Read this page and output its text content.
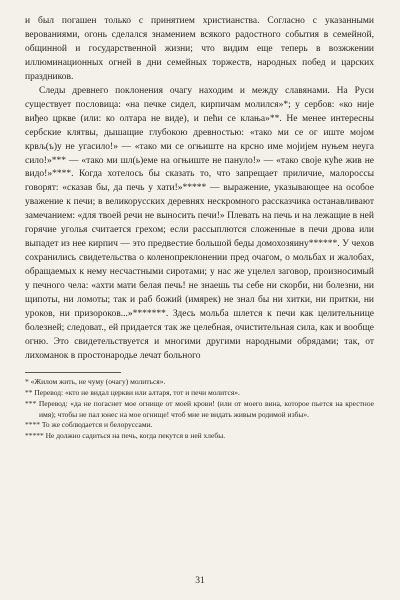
и был погашен только с принятием христианства. Согласно с указанными верованиями, огонь сделался знамением всякого радостного события в семейной, общинной и государственной жизни; что видим еще теперь в возжжении иллюминационных огней в дни семейных торжеств, народных побед и царских праздников.

Следы древнего поклонения очагу находим и между славянами. На Руси существует пословица: «на печке сидел, кирпичам молился»*; у сербов: «ко ниjе виђео цркве (или: ко олтара не виде), и пећи се клања»**. Не менее интересны сербские клятвы, дышащие глубокою древностью: «тако ми се ог иште мојом крвљ(ъ)у не угасило!» — «тако ми се огњиште на крсно име мојијем нуњем неуга сило!»*** — «тако ми шл(ь)еме на огњиште не панулo!» — «тако своје куће жив не видо!»****. Когда хотелось бы сказать то, что запрещает приличие, малороссы говорят: «сказав бы, да печь у хати!»***** — выражение, указывающее на особое уважение к печи; в великорусских деревнях нескромного рассказчика останавливают замечанием: «для твоей речи не выносить печи!» Плевать на печь и на лежащие в ней горячие уголья считается грехом; если рассыплются сложенные в печи дрова или выпадет из нее кирпич — это предвестие большой беды домохозяину******. У чехов сохранились свидетельства о коленопреклонении пред очагом, о мольбах и жалобах, обращаемых к нему несчастными сиротами; у нас же уцелел заговор, произносимый у печного чела: «ахти мати белая печь! не знаешь ты себе ни скорби, ни болезни, ни щипоты, ни ломоты; так и раб божий (имярек) не знал бы ни хитки, ни притки, ни уроков, ни призороков...»*******. Здесь мольба шлется к печи как целительнице болезней; следоват., ей придается так же целебная, очистительная сила, как и вообще огню. Это свидетельствуется и многими другими народными обрядами; так, от лихоманок в простонародье лечат больного

* «Жилом жить, не чуму (очагу) молиться».

** Перевод: «кто не видал церкви или алтаря, тот и печи молится».

*** Перевод: «да не погаснет мое огнище от моей крови! (или от моего вина, которое пьется на крестное имя); чтобы не пал юнес на мое огнище! чтоб мне не видать живым родимой избы».

**** То же соблюдается и белоруссами.

***** Не должно садиться на печь, когда пекутся в ней хлебы.

31
